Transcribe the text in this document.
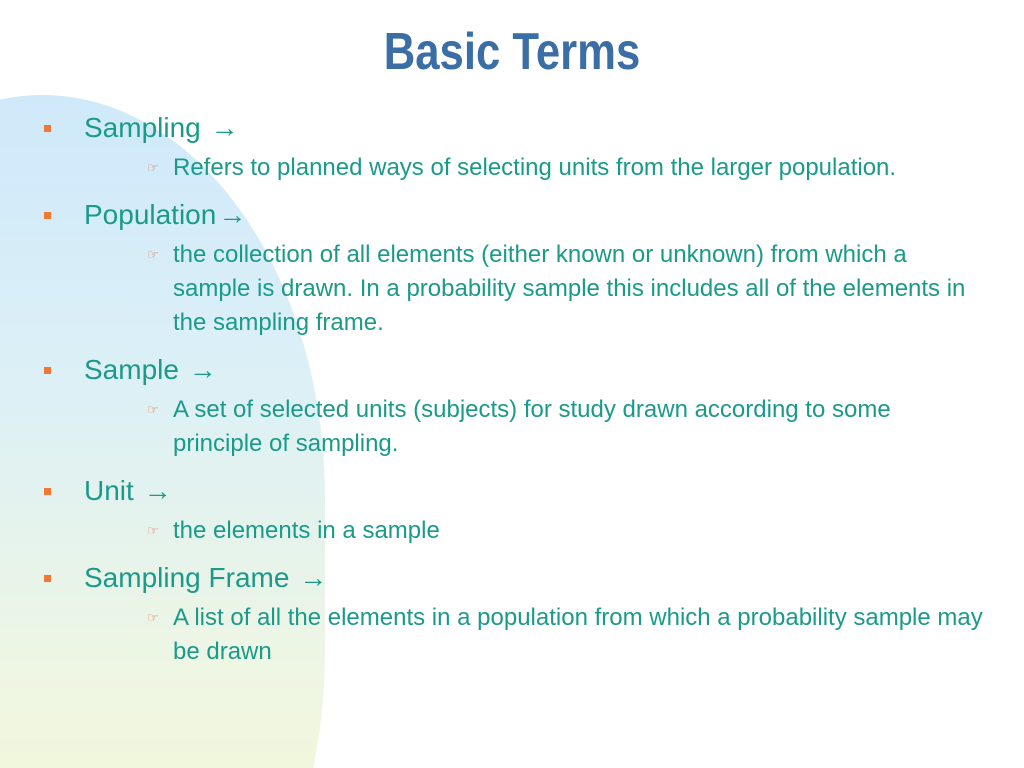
Basic Terms
Sampling →
☞ Refers to planned ways of selecting units from the larger population.
Population→
☞ the collection of all elements (either known or unknown) from which a sample is drawn. In a probability sample this includes all of the elements in the sampling frame.
Sample →
☞ A set of selected units (subjects) for study drawn according to some principle of sampling.
Unit →
☞ the elements in a sample
Sampling Frame →
☞ A list of all the elements in a population from which a probability sample may be drawn
